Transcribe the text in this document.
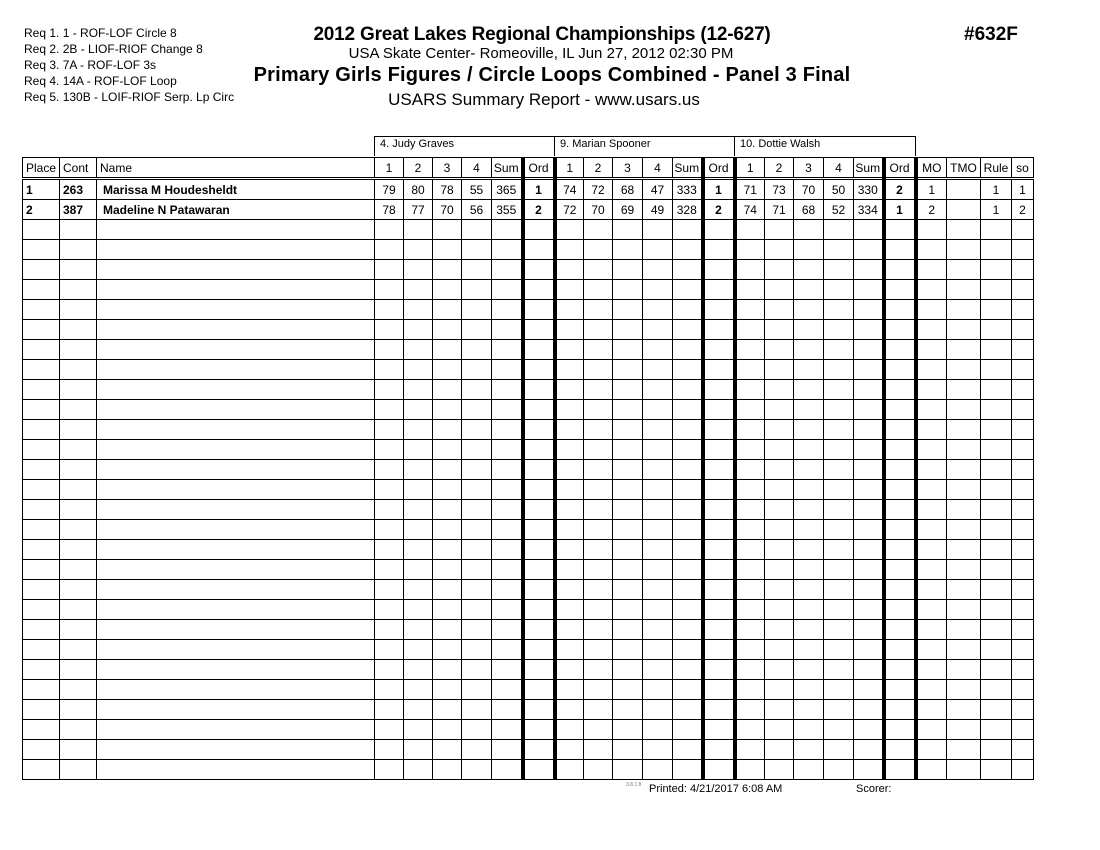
Req 1. 1 - ROF-LOF Circle 8
Req 2. 2B - LIOF-RIOF Change 8
Req 3. 7A - ROF-LOF 3s
Req 4. 14A - ROF-LOF Loop
Req 5. 130B - LOIF-RIOF Serp. Lp Circ
2012 Great Lakes Regional Championships (12-627)
USA Skate Center- Romeoville, IL Jun 27, 2012 02:30 PM
Primary Girls Figures / Circle Loops Combined - Panel 3 Final
USARS Summary Report - www.usars.us
#632F
4. Judy Graves	9. Marian Spooner	10. Dottie Walsh
Place	Cont	Name	1	2	3	4	Sum	Ord	1	2	3	4	Sum	Ord	1	2	3	4	Sum	Ord	MO	TMO	Rule	so
1	263	Marissa M Houdesheldt	79	80	78	55	365	1	74	72	68	47	333	1	71	73	70	50	330	2	1		1	1
2	387	Madeline N Patawaran	78	77	70	56	355	2	72	70	69	49	328	2	74	71	68	52	334	1	2		1	2

3.8.1.8 Printed: 4/21/2017 6:08 AM	Scorer:
